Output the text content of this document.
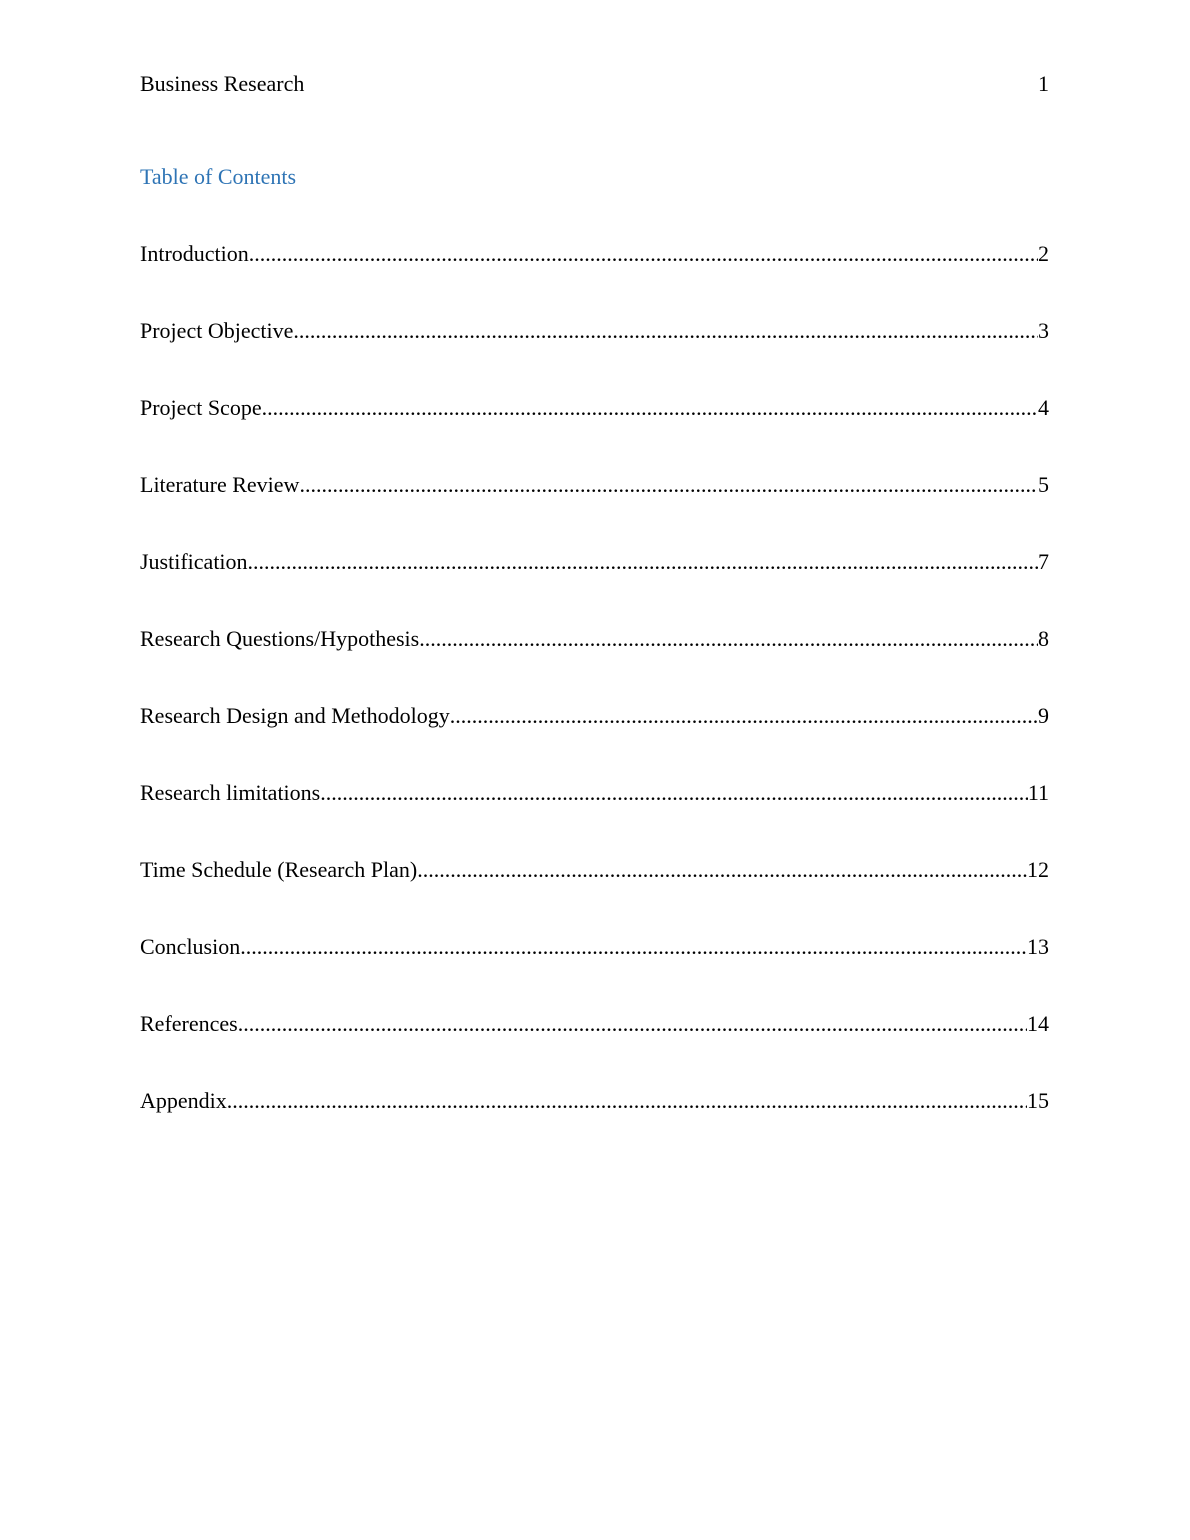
Business Research	1
Table of Contents
Introduction .....	2
Project Objective .....	3
Project Scope .....	4
Literature Review .....	5
Justification .....	7
Research Questions/Hypothesis .....	8
Research Design and Methodology .....	9
Research limitations .....	11
Time Schedule (Research Plan) .....	12
Conclusion .....	13
References .....	14
Appendix .....	15
